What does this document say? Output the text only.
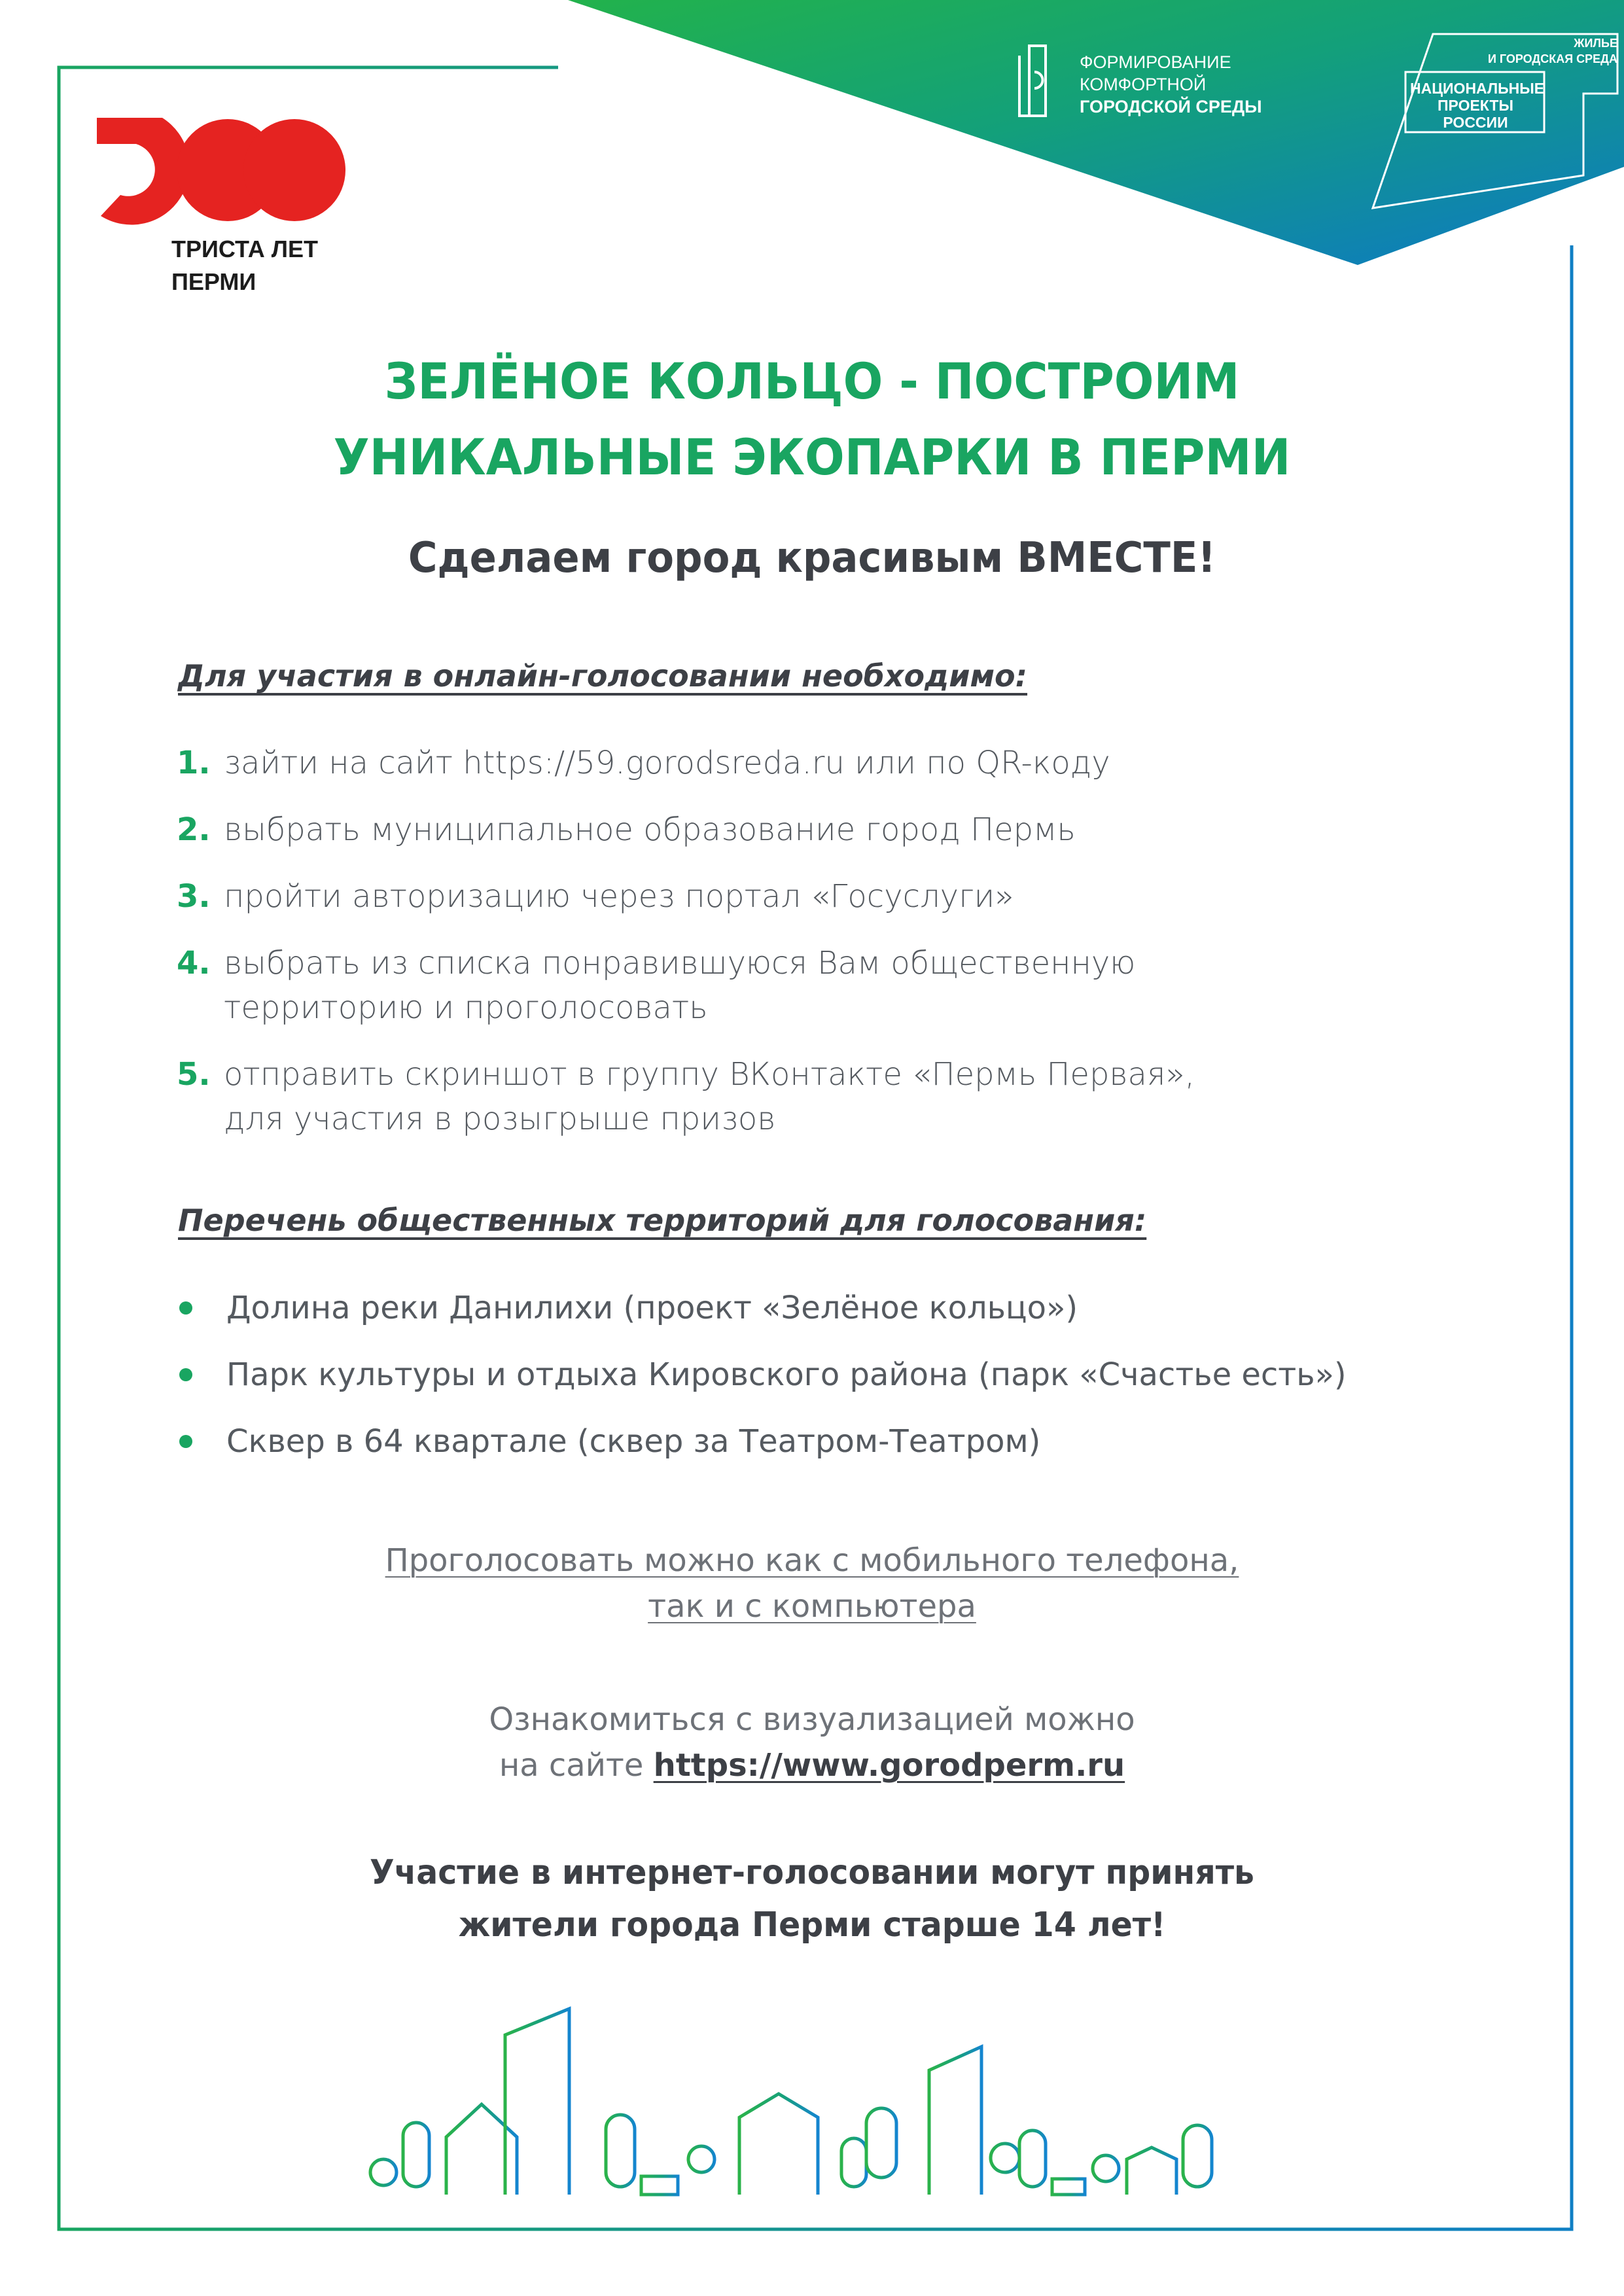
ТРИСТА ЛЕТ
ПЕРМИ
ФОРМИРОВАНИЕ
КОМФОРТНОЙ
ГОРОДСКОЙ СРЕДЫ
ЖИЛЬЕ
И ГОРОДСКАЯ СРЕДА
НАЦИОНАЛЬНЫЕ
ПРОЕКТЫ
РОССИИ
ЗЕЛЁНОЕ КОЛЬЦО - ПОСТРОИМ
УНИКАЛЬНЫЕ ЭКОПАРКИ В ПЕРМИ
Сделаем город красивым ВМЕСТЕ!
Для участия в онлайн-голосовании необходимо:
1. зайти на сайт https://59.gorodsreda.ru или по QR-коду
2. выбрать муниципальное образование город Пермь
3. пройти авторизацию через портал «Госуслуги»
4. выбрать из списка понравившуюся Вам общественную
территорию и проголосовать
5. отправить скриншот в группу ВКонтакте «Пермь Первая»,
для участия в розыгрыше призов
Перечень общественных территорий для голосования:
Долина реки Данилихи (проект «Зелёное кольцо»)
Парк культуры и отдыха Кировского района (парк «Счастье есть»)
Сквер в 64 квартале (сквер за Театром-Театром)
Проголосовать можно как с мобильного телефона,
так и с компьютера
Ознакомиться с визуализацией можно
на сайте https://www.gorodperm.ru
Участие в интернет-голосовании могут принять
жители города Перми старше 14 лет!
